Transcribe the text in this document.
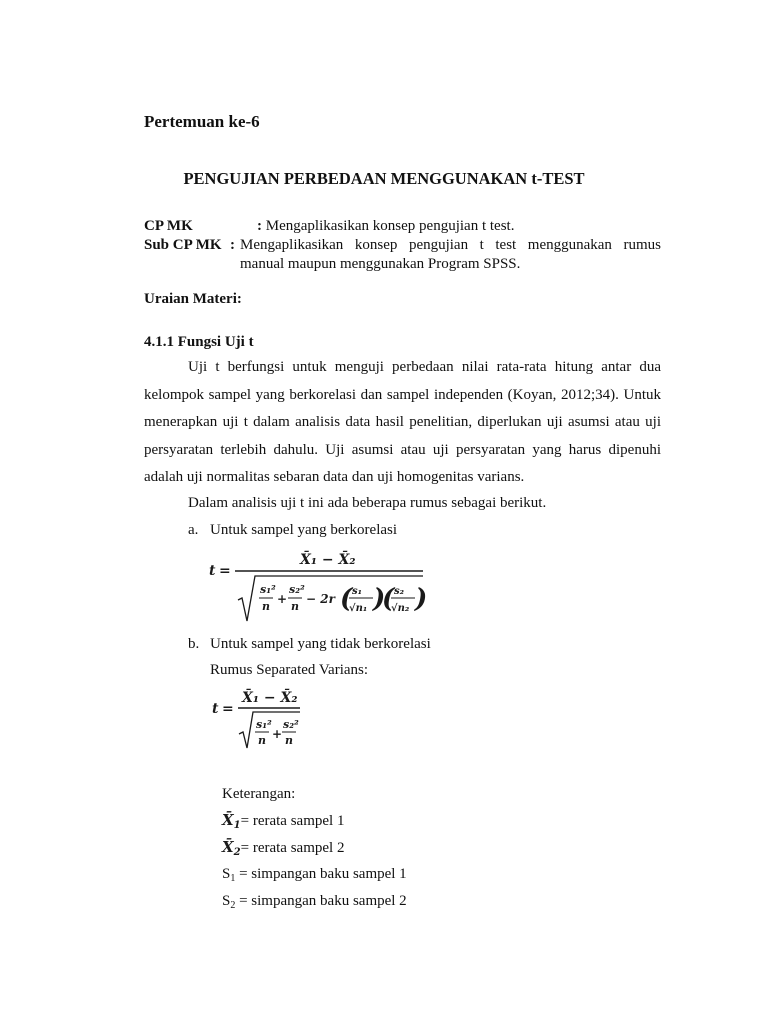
Pertemuan ke-6
PENGUJIAN PERBEDAAN MENGGUNAKAN t-TEST
CP MK	: Mengaplikasikan konsep pengujian t test.
Sub CP MK : Mengaplikasikan konsep pengujian t test menggunakan rumus
manual maupun menggunakan Program SPSS.
Uraian Materi:
4.1.1 Fungsi Uji t
Uji t berfungsi untuk menguji perbedaan nilai rata-rata hitung antar dua
kelompok sampel yang berkorelasi dan sampel independen (Koyan, 2012;34). Untuk
menerapkan uji t dalam analisis data hasil penelitian, diperlukan uji asumsi atau uji
persyaratan terlebih dahulu. Uji asumsi atau uji persyaratan yang harus dipenuhi
adalah uji normalitas sebaran data dan uji homogenitas varians.
Dalam analisis uji t ini ada beberapa rumus sebagai berikut.
a. Untuk sampel yang berkorelasi
t =
X̄₁ − X̄₂
s₁²
n
+
s₂²
n
− 2r ( s₁
√n₁ )
( s₂
√n₂ )
b. Untuk sampel yang tidak berkorelasi
Rumus Separated Varians:
t =
X̄₁ − X̄₂
s₁²
n +
s₂²
n
Keterangan:
$X̄_1=$ rerata sampel 1
$X̄_2=$ rerata sampel 2
$S_1$ = simpangan baku sampel 1
$S_2$ = simpangan baku sampel 2
